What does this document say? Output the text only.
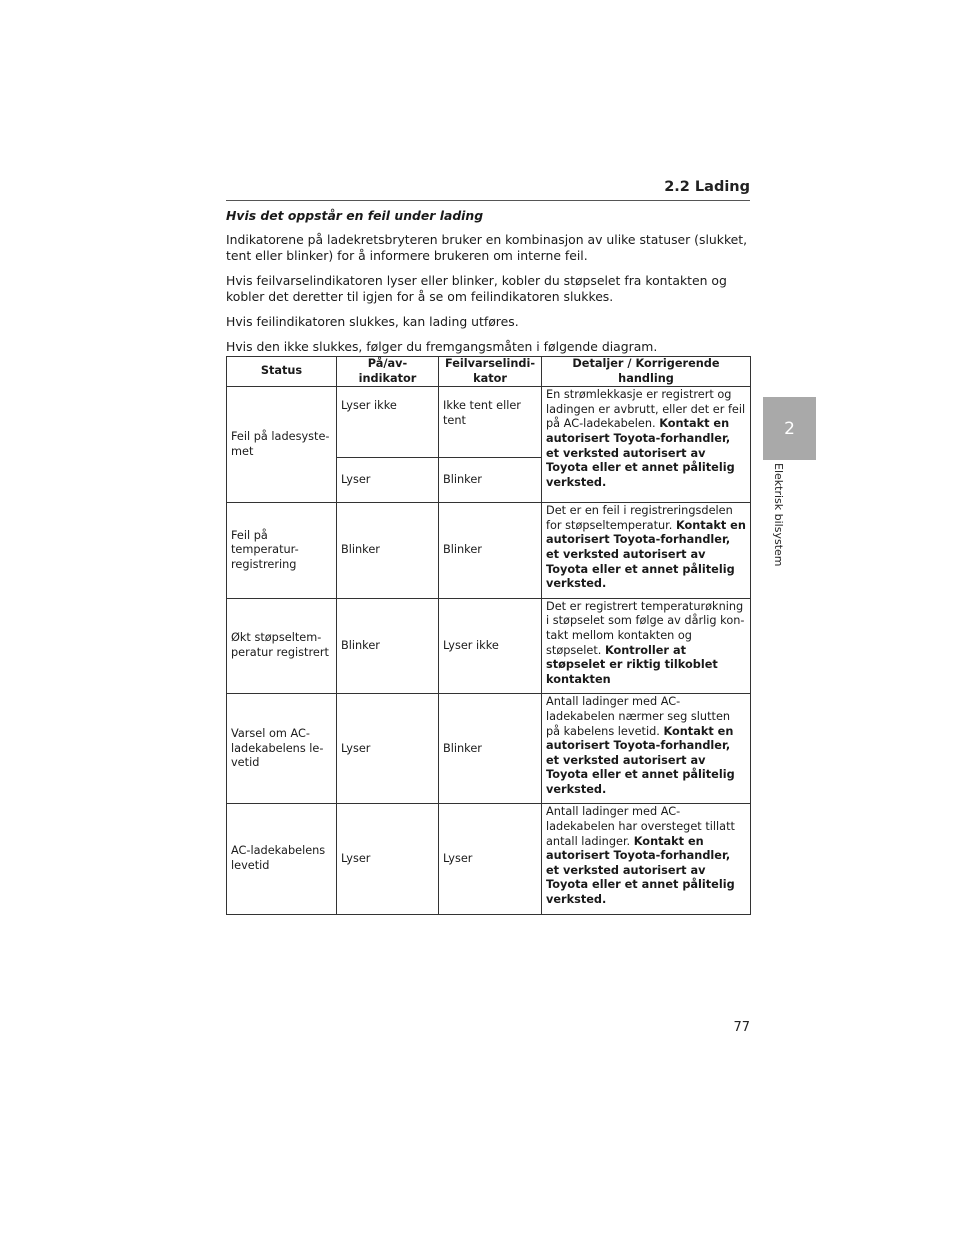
2.2 Lading
2
Elektrisk bilsystem

Hvis det oppstår en feil under lading

Indikatorene på ladekretsbryteren bruker en kombinasjon av ulike statuser (slukket, tent eller blinker) for å informere brukeren om interne feil.

Hvis feilvarselindikatoren lyser eller blinker, kobler du støpselet fra kontakten og kobler det deretter til igjen for å se om feilindikatoren slukkes.

Hvis feilindikatoren slukkes, kan lading utføres.

Hvis den ikke slukkes, følger du fremgangsmåten i følgende diagram.

Status	På/av-indikator	Feilvarselindi-kator	Detaljer / Korrigerende handling
Feil på ladesyste-met	Lyser ikke	Ikke tent eller tent	En strømlekkasje er registrert og ladingen er avbrutt, eller det er feil på AC-ladekabelen. Kontakt en autorisert Toyota-forhandler, et verksted autorisert av Toyota eller et annet pålitelig verksted.
	Lyser	Blinker	
Feil på temperatur-registrering	Blinker	Blinker	Det er en feil i registreringsdelen for støpseltemperatur. Kontakt en autorisert Toyota-forhandler, et verksted autorisert av Toyota eller et annet pålitelig verksted.
Økt støpseltem-peratur registrert	Blinker	Lyser ikke	Det er registrert temperaturøkning i støpselet som følge av dårlig kon-takt mellom kontakten og støpselet. Kontroller at støpselet er riktig tilkoblet kontakten
Varsel om AC-ladekabelens le-vetid	Lyser	Blinker	Antall ladinger med AC-ladekabelen nærmer seg slutten på kabelens levetid. Kontakt en autorisert Toyota-forhandler, et verksted autorisert av Toyota eller et annet pålitelig verksted.
AC-ladekabelens levetid	Lyser	Lyser	Antall ladinger med AC-ladekabelen har oversteget tillatt antall ladinger. Kontakt en autorisert Toyota-forhandler, et verksted autorisert av Toyota eller et annet pålitelig verksted.
77
